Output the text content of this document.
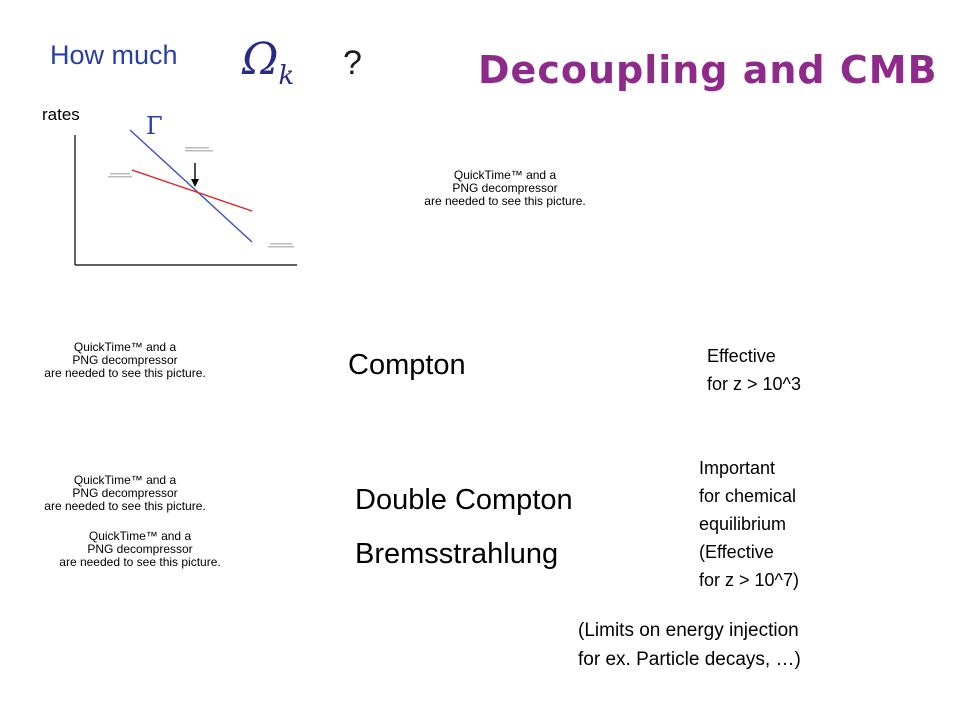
How much $\Omega_k$ ?	Decoupling and CMB
rates	Γ
QuickTime™ and a
PNG decompressor
are needed to see this picture.
QuickTime™ and a
PNG decompressor
are needed to see this picture.
QuickTime™ and a
PNG decompressor
are needed to see this picture.
QuickTime™ and a
PNG decompressor
are needed to see this picture.
Compton
Double Compton
Bremsstrahlung
Effective
for z > 10^3
Important
for chemical
equilibrium
(Effective
for z > 10^7)
(Limits on energy injection
for ex. Particle decays, …)
